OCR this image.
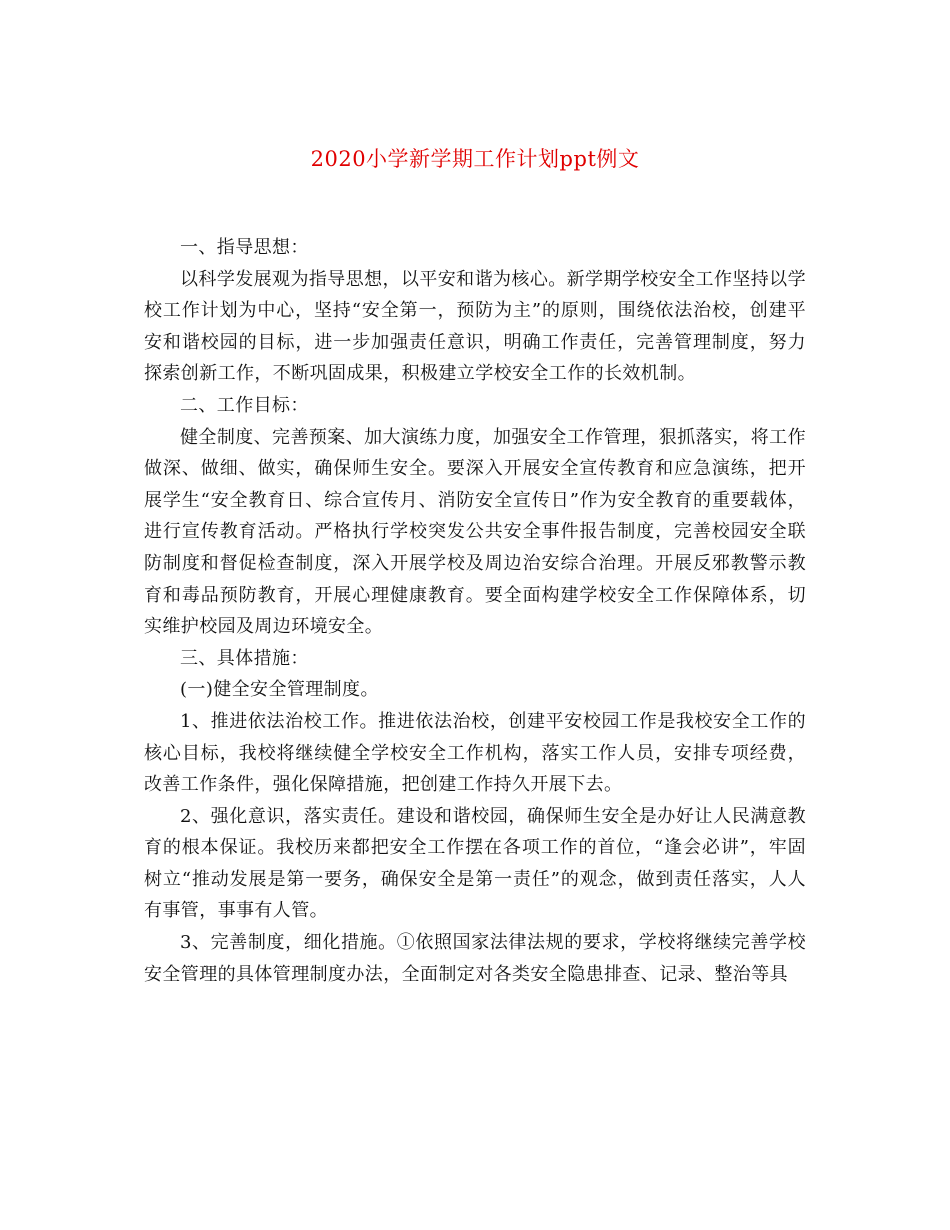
2020小学新学期工作计划ppt例文

一、指导思想：

以科学发展观为指导思想，以平安和谐为核心。新学期学校安全工作坚持以学校工作计划为中心，坚持“安全第一，预防为主”的原则，围绕依法治校，创建平安和谐校园的目标，进一步加强责任意识，明确工作责任，完善管理制度，努力探索创新工作，不断巩固成果，积极建立学校安全工作的长效机制。

二、工作目标：

健全制度、完善预案、加大演练力度，加强安全工作管理，狠抓落实，将工作做深、做细、做实，确保师生安全。要深入开展安全宣传教育和应急演练，把开展学生“安全教育日、综合宣传月、消防安全宣传日”作为安全教育的重要载体，进行宣传教育活动。严格执行学校突发公共安全事件报告制度，完善校园安全联防制度和督促检查制度，深入开展学校及周边治安综合治理。开展反邪教警示教育和毒品预防教育，开展心理健康教育。要全面构建学校安全工作保障体系，切实维护校园及周边环境安全。

三、具体措施：

(一)健全安全管理制度。

1、推进依法治校工作。推进依法治校，创建平安校园工作是我校安全工作的核心目标，我校将继续健全学校安全工作机构，落实工作人员，安排专项经费，改善工作条件，强化保障措施，把创建工作持久开展下去。

2、强化意识，落实责任。建设和谐校园，确保师生安全是办好让人民满意教育的根本保证。我校历来都把安全工作摆在各项工作的首位，“逢会必讲”，牢固树立“推动发展是第一要务，确保安全是第一责任”的观念，做到责任落实，人人有事管，事事有人管。

3、完善制度，细化措施。①依照国家法律法规的要求，学校将继续完善学校安全管理的具体管理制度办法，全面制定对各类安全隐患排查、记录、整治等具
